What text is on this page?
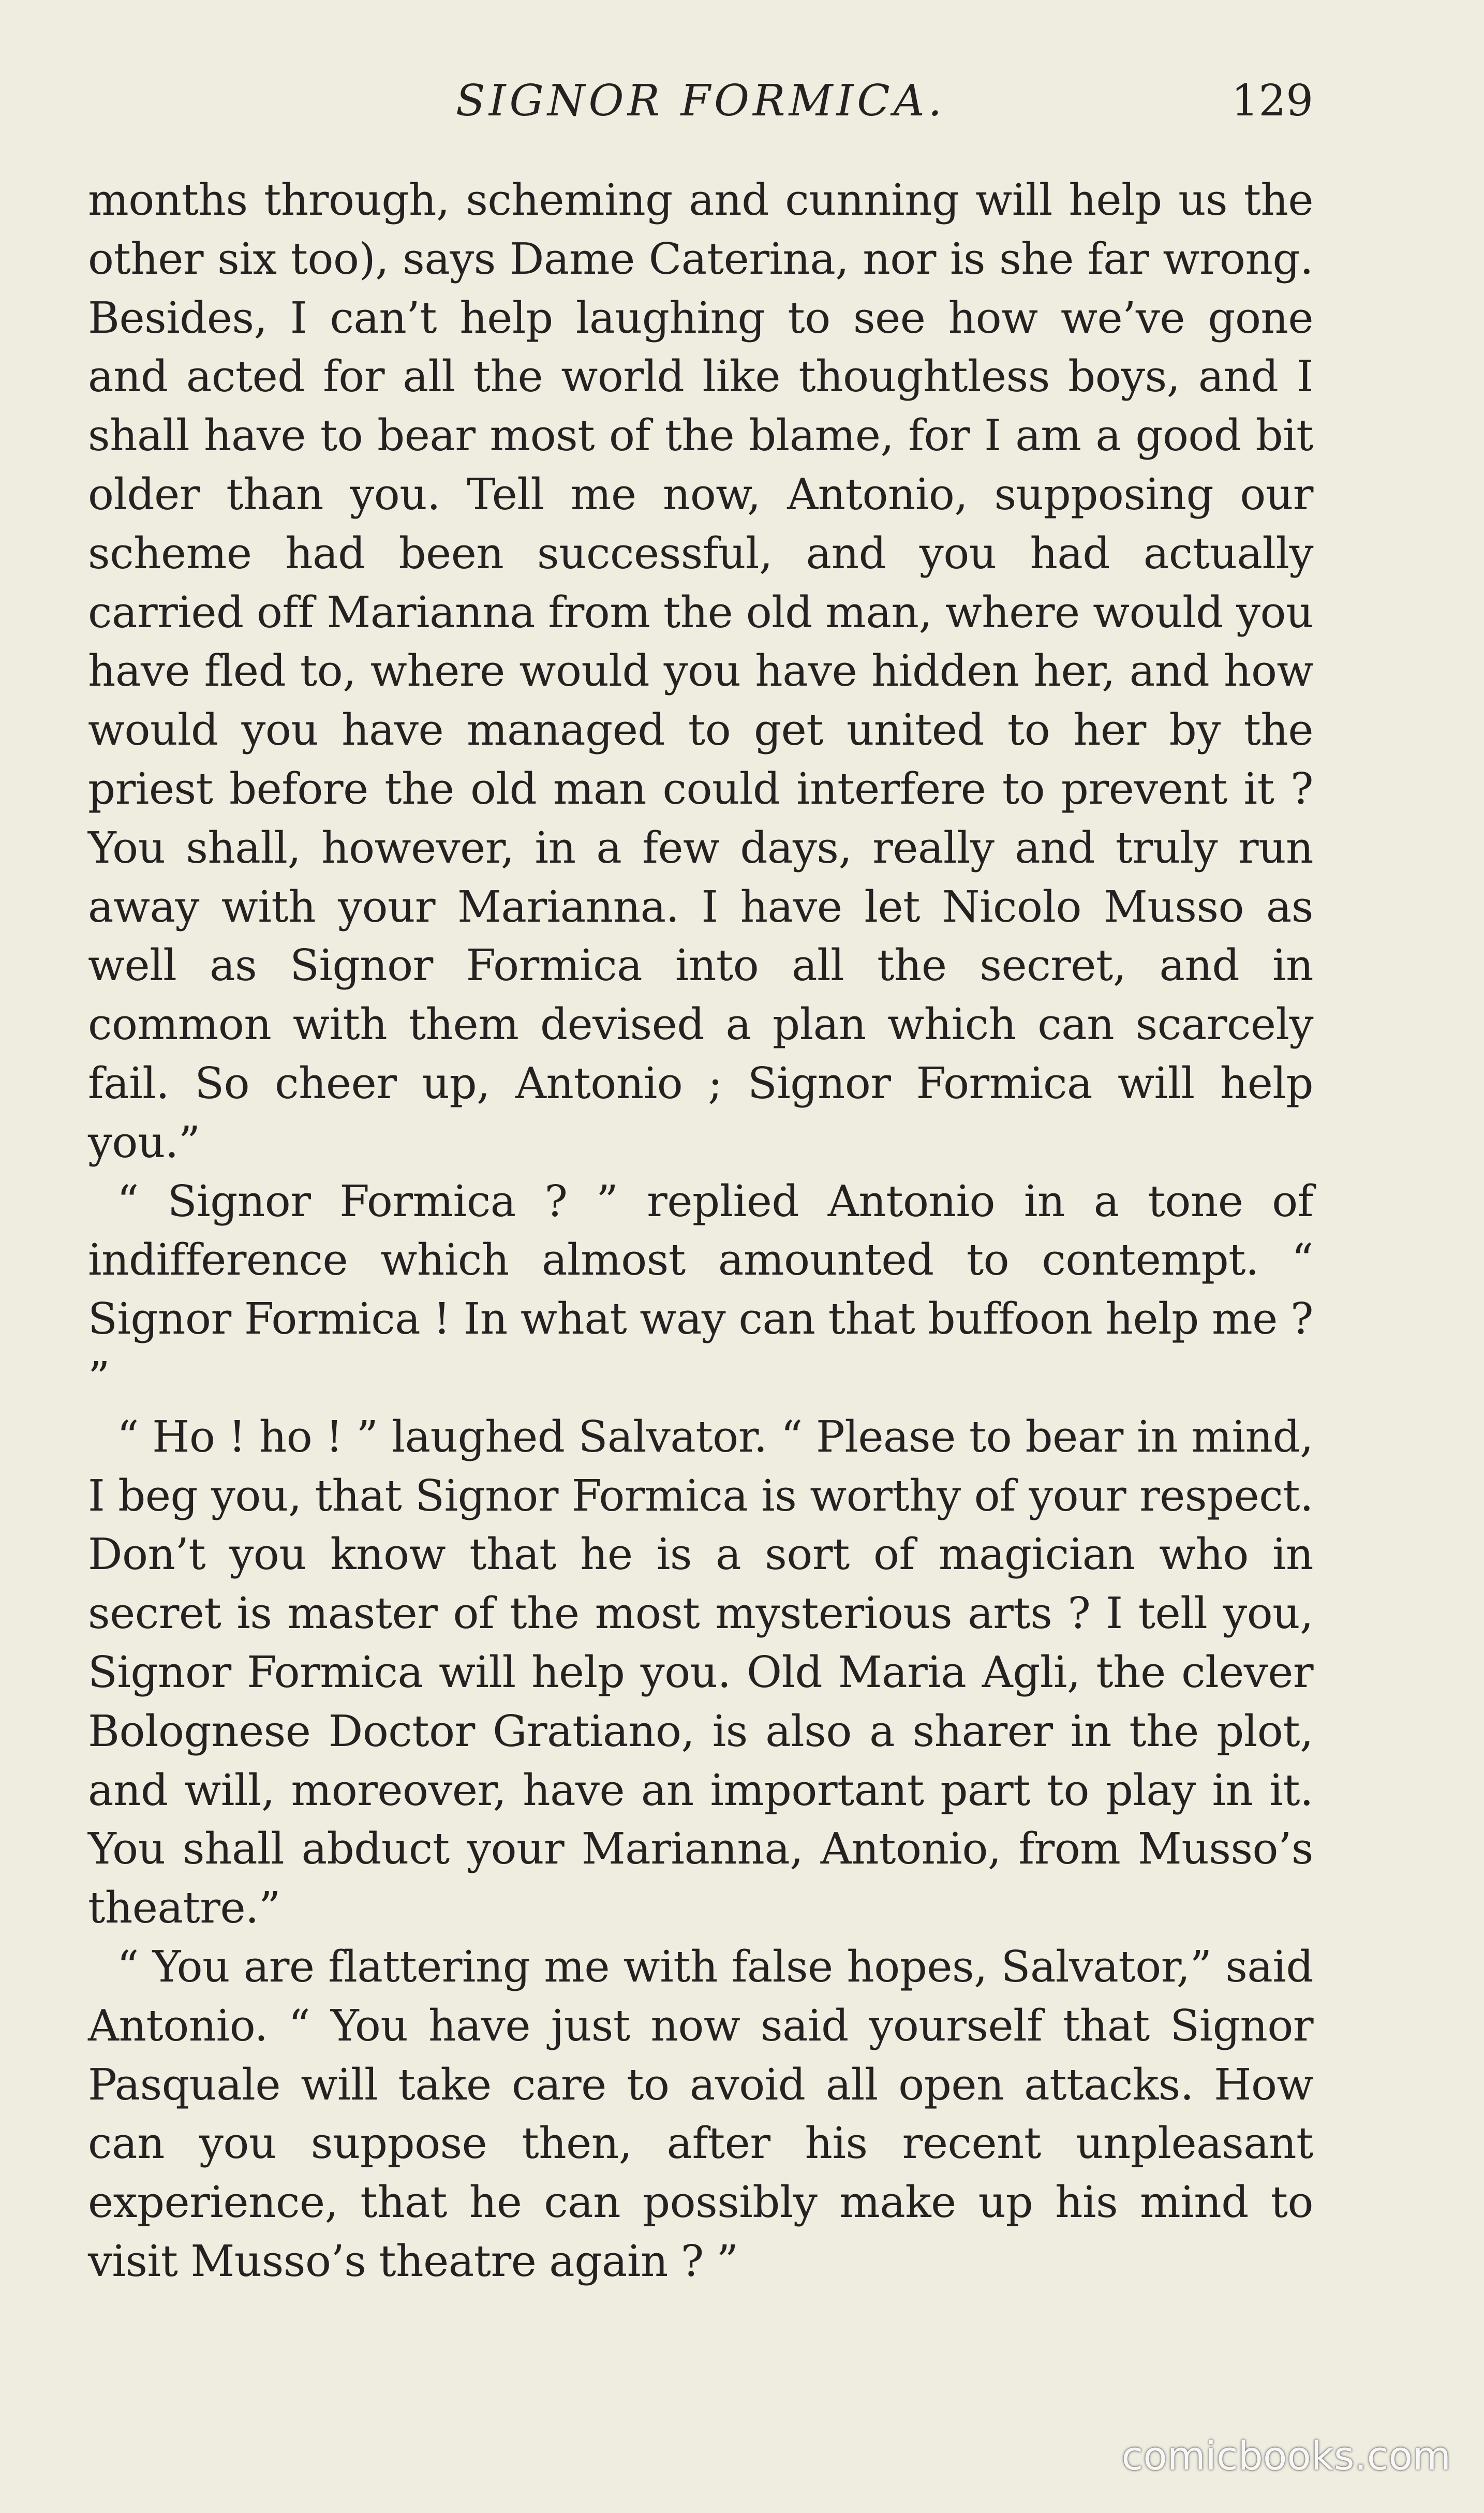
SIGNOR FORMICA.	129

months through, scheming and cunning will help us the other six too), says Dame Caterina, nor is she far wrong. Besides, I can’t help laughing to see how we’ve gone and acted for all the world like thoughtless boys, and I shall have to bear most of the blame, for I am a good bit older than you. Tell me now, Antonio, supposing our scheme had been successful, and you had actually carried off Marianna from the old man, where would you have fled to, where would you have hidden her, and how would you have managed to get united to her by the priest before the old man could interfere to prevent it ? You shall, however, in a few days, really and truly run away with your Marianna. I have let Nicolo Musso as well as Signor Formica into all the secret, and in common with them devised a plan which can scarcely fail. So cheer up, Antonio ; Signor Formica will help you.”

“ Signor Formica ? ” replied Antonio in a tone of indifference which almost amounted to contempt. “ Signor Formica ! In what way can that buffoon help me ? ”

“ Ho ! ho ! ” laughed Salvator. “ Please to bear in mind, I beg you, that Signor Formica is worthy of your respect. Don’t you know that he is a sort of magician who in secret is master of the most mysterious arts ? I tell you, Signor Formica will help you. Old Maria Agli, the clever Bolognese Doctor Gratiano, is also a sharer in the plot, and will, moreover, have an important part to play in it. You shall abduct your Marianna, Antonio, from Musso’s theatre.”

“ You are flattering me with false hopes, Salvator,” said Antonio. “ You have just now said yourself that Signor Pasquale will take care to avoid all open attacks. How can you suppose then, after his recent unpleasant experience, that he can possibly make up his mind to visit Musso’s theatre again ? ”

comicbooks.com
